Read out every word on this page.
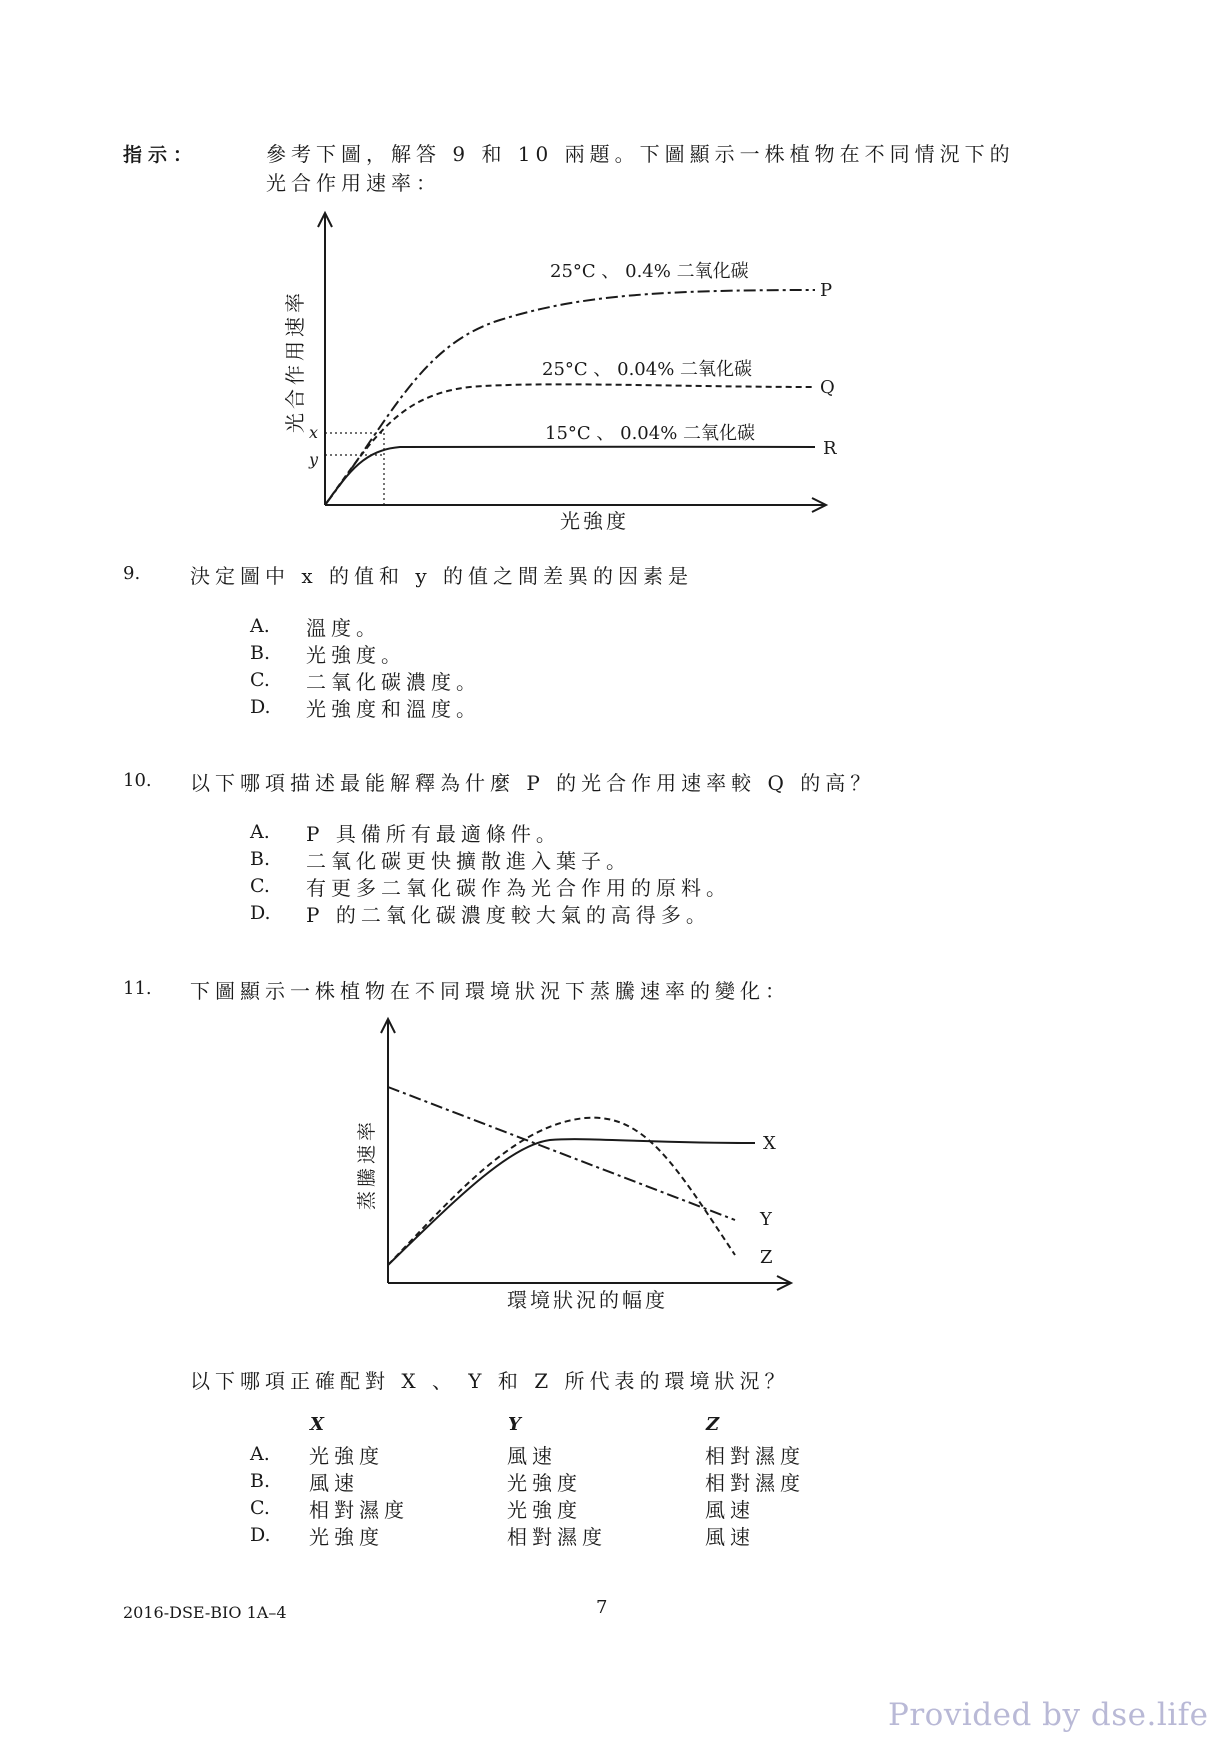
指示：	參考下圖，解答 9 和 10 兩題。下圖顯示一株植物在不同情況下的
光合作用速率：
25°C 、 0.4% 二氧化碳
25°C 、 0.04% 二氧化碳
15°C 、 0.04% 二氧化碳
P
Q
R
x
y
光合作用速率
光強度
9. 決定圖中 x 的值和 y 的值之間差異的因素是
A. 溫度。
B. 光強度。
C. 二氧化碳濃度。
D. 光強度和溫度。
10. 以下哪項描述最能解釋為什麼 P 的光合作用速率較 Q 的高？
A. P 具備所有最適條件。
B. 二氧化碳更快擴散進入葉子。
C. 有更多二氧化碳作為光合作用的原料。
D. P 的二氧化碳濃度較大氣的高得多。
11. 下圖顯示一株植物在不同環境狀況下蒸騰速率的變化：
X
Y
Z
蒸騰速率
環境狀況的幅度
以下哪項正確配對 X 、 Y 和 Z 所代表的環境狀況？
X	Y	Z
A. 光強度	風速	相對濕度
B. 風速	光強度	相對濕度
C. 相對濕度	光強度	風速
D. 光強度	相對濕度	風速
2016-DSE-BIO 1A–4	7
Provided by dse.life
